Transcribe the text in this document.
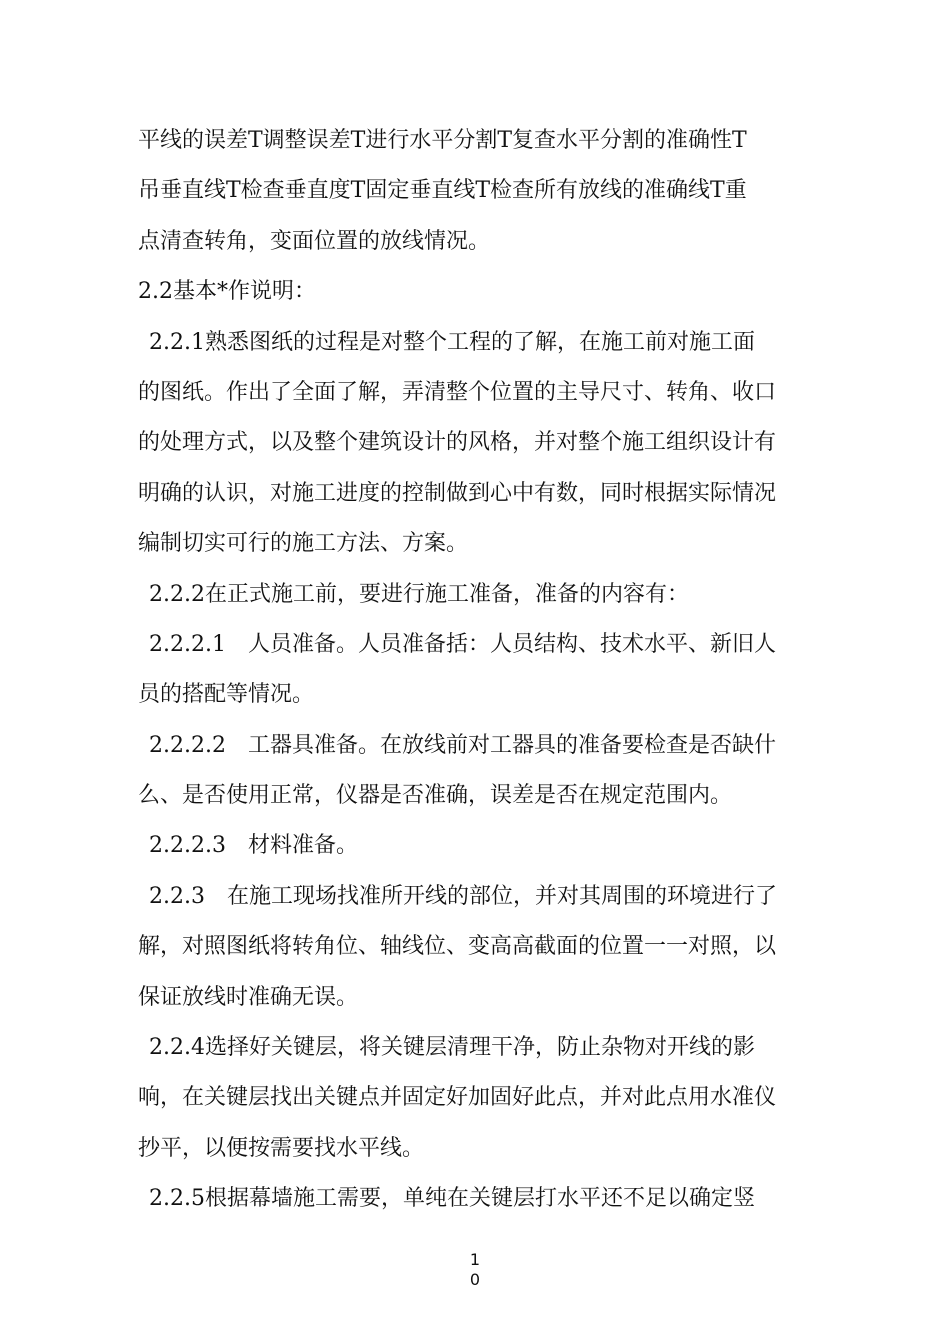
平线的误差T调整误差T进行水平分割T复查水平分割的准确性T
吊垂直线T检查垂直度T固定垂直线T检查所有放线的准确线T重
点清查转角，变面位置的放线情况。
2.2基本*作说明：
2.2.1熟悉图纸的过程是对整个工程的了解，在施工前对施工面
的图纸。作出了全面了解，弄清整个位置的主导尺寸、转角、收口
的处理方式，以及整个建筑设计的风格，并对整个施工组织设计有
明确的认识，对施工进度的控制做到心中有数，同时根据实际情况
编制切实可行的施工方法、方案。
2.2.2在正式施工前，要进行施工准备，准备的内容有：
2.2.2.1　人员准备。人员准备括：人员结构、技术水平、新旧人
员的搭配等情况。
2.2.2.2　工器具准备。在放线前对工器具的准备要检查是否缺什
么、是否使用正常，仪器是否准确，误差是否在规定范围内。
2.2.2.3　材料准备。
2.2.3　在施工现场找准所开线的部位，并对其周围的环境进行了
解，对照图纸将转角位、轴线位、变高高截面的位置一一对照，以
保证放线时准确无误。
2.2.4选择好关键层，将关键层清理干净，防止杂物对开线的影
响，在关键层找出关键点并固定好加固好此点，并对此点用水准仪
抄平，以便按需要找水平线。
2.2.5根据幕墙施工需要，单纯在关键层打水平还不足以确定竖
1
0
